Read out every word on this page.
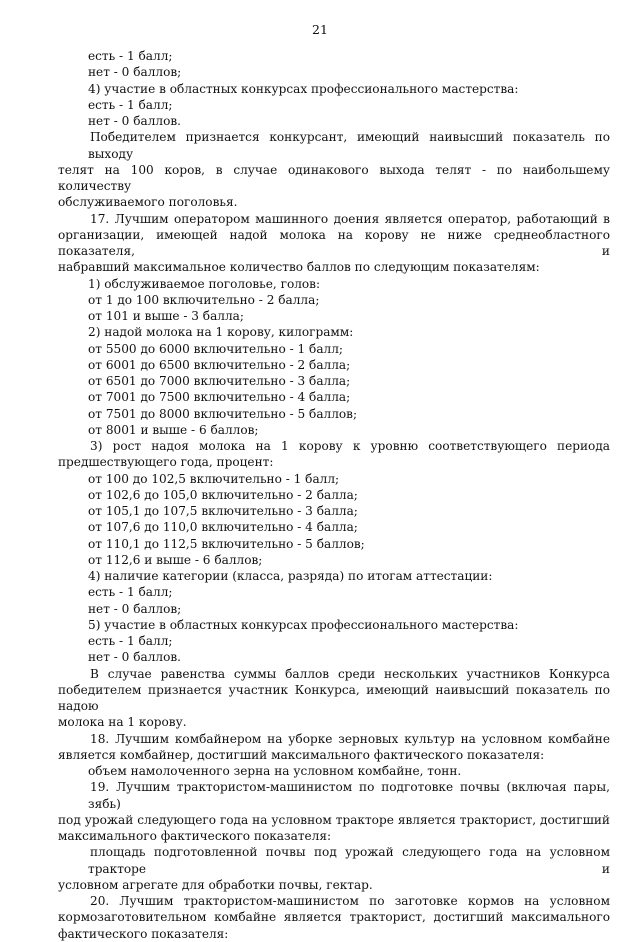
21
есть - 1 балл;
нет - 0 баллов;
4) участие в областных конкурсах профессионального мастерства:
есть - 1 балл;
нет - 0 баллов.
Победителем признается конкурсант, имеющий наивысший показатель по выходу
телят на 100 коров, в случае одинакового выхода телят - по наибольшему количеству
обслуживаемого поголовья.
17. Лучшим оператором машинного доения является оператор, работающий в
организации, имеющей надой молока на корову не ниже среднеобластного показателя, и
набравший максимальное количество баллов по следующим показателям:
1) обслуживаемое поголовье, голов:
от 1 до 100 включительно - 2 балла;
от 101 и выше - 3 балла;
2) надой молока на 1 корову, килограмм:
от 5500 до 6000 включительно - 1 балл;
от 6001 до 6500 включительно - 2 балла;
от 6501 до 7000 включительно - 3 балла;
от 7001 до 7500 включительно - 4 балла;
от 7501 до 8000 включительно - 5 баллов;
от 8001 и выше - 6 баллов;
3) рост надоя молока на 1 корову к уровню соответствующего периода
предшествующего года, процент:
от 100 до 102,5 включительно - 1 балл;
от 102,6 до 105,0 включительно - 2 балла;
от 105,1 до 107,5 включительно - 3 балла;
от 107,6 до 110,0 включительно - 4 балла;
от 110,1 до 112,5 включительно - 5 баллов;
от 112,6 и выше - 6 баллов;
4) наличие категории (класса, разряда) по итогам аттестации:
есть - 1 балл;
нет - 0 баллов;
5) участие в областных конкурсах профессионального мастерства:
есть - 1 балл;
нет - 0 баллов.
В случае равенства суммы баллов среди нескольких участников Конкурса
победителем признается участник Конкурса, имеющий наивысший показатель по надою
молока на 1 корову.
18. Лучшим комбайнером на уборке зерновых культур на условном комбайне
является комбайнер, достигший максимального фактического показателя:
объем намолоченного зерна на условном комбайне, тонн.
19. Лучшим трактористом-машинистом по подготовке почвы (включая пары, зябь)
под урожай следующего года на условном тракторе является тракторист, достигший
максимального фактического показателя:
площадь подготовленной почвы под урожай следующего года на условном тракторе и
условном агрегате для обработки почвы, гектар.
20. Лучшим трактористом-машинистом по заготовке кормов на условном
кормозаготовительном комбайне является тракторист, достигший максимального
фактического показателя:
